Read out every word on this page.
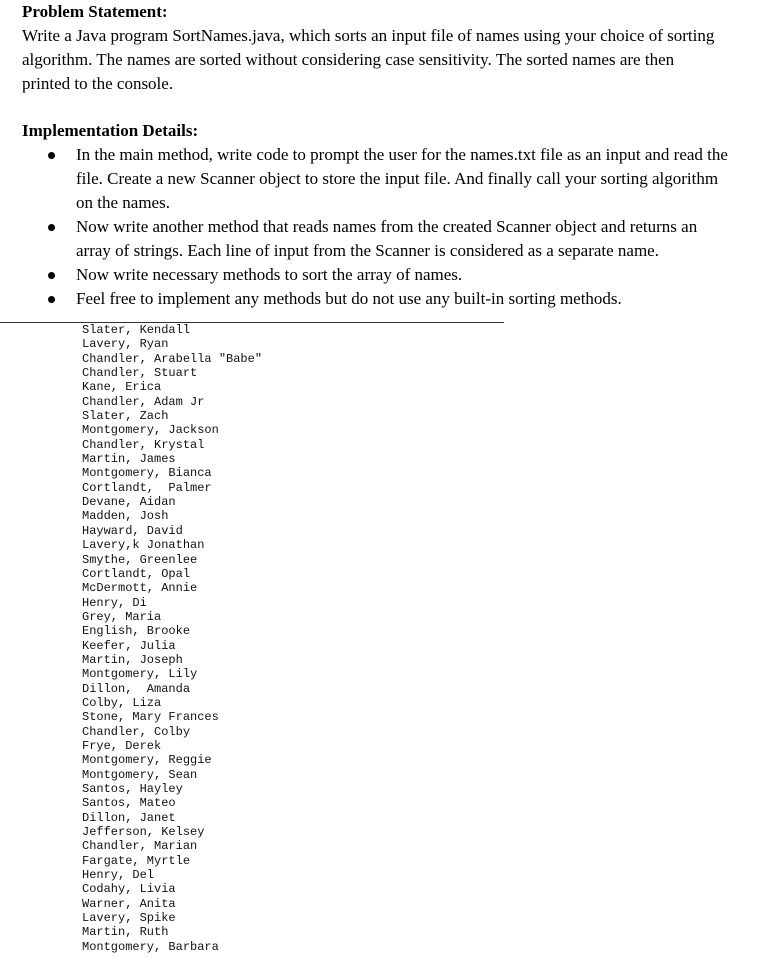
Problem Statement:

Write a Java program SortNames.java, which sorts an input file of names using your choice of sorting algorithm. The names are sorted without considering case sensitivity. The sorted names are then printed to the console.

Implementation Details:

In the main method, write code to prompt the user for the names.txt file as an input and read the file. Create a new Scanner object to store the input file. And finally call your sorting algorithm on the names.
Now write another method that reads names from the created Scanner object and returns an array of strings. Each line of input from the Scanner is considered as a separate name.
Now write necessary methods to sort the array of names.
Feel free to implement any methods but do not use any built-in sorting methods.
Slater, Kendall
Lavery, Ryan
Chandler, Arabella "Babe"
Chandler, Stuart
Kane, Erica
Chandler, Adam Jr
Slater, Zach
Montgomery, Jackson
Chandler, Krystal
Martin, James
Montgomery, Bianca
Cortlandt,  Palmer
Devane, Aidan
Madden, Josh
Hayward, David
Lavery,k Jonathan
Smythe, Greenlee
Cortlandt, Opal
McDermott, Annie
Henry, Di
Grey, Maria
English, Brooke
Keefer, Julia
Martin, Joseph
Montgomery, Lily
Dillon,  Amanda
Colby, Liza
Stone, Mary Frances
Chandler, Colby
Frye, Derek
Montgomery, Reggie
Montgomery, Sean
Santos, Hayley
Santos, Mateo
Dillon, Janet
Jefferson, Kelsey
Chandler, Marian
Fargate, Myrtle
Henry, Del
Codahy, Livia
Warner, Anita
Lavery, Spike
Martin, Ruth
Montgomery, Barbara
